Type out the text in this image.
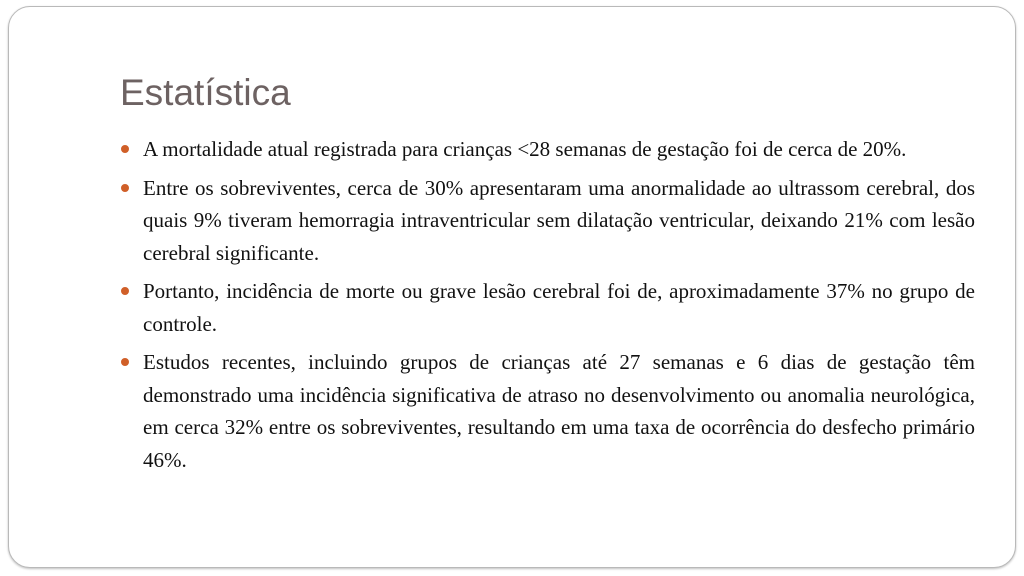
Estatística
A mortalidade atual registrada para crianças <28 semanas de gestação foi de cerca de 20%.
Entre os sobreviventes, cerca de 30% apresentaram uma anormalidade ao ultrassom cerebral, dos quais 9% tiveram hemorragia intraventricular sem dilatação ventricular, deixando 21% com lesão cerebral significante.
Portanto, incidência de morte ou grave lesão cerebral foi de, aproximadamente 37% no grupo de controle.
Estudos recentes, incluindo grupos de crianças até 27 semanas e 6 dias de gestação têm demonstrado uma incidência significativa de atraso no desenvolvimento ou anomalia neurológica, em cerca 32% entre os sobreviventes, resultando em uma taxa de ocorrência do desfecho primário 46%.
